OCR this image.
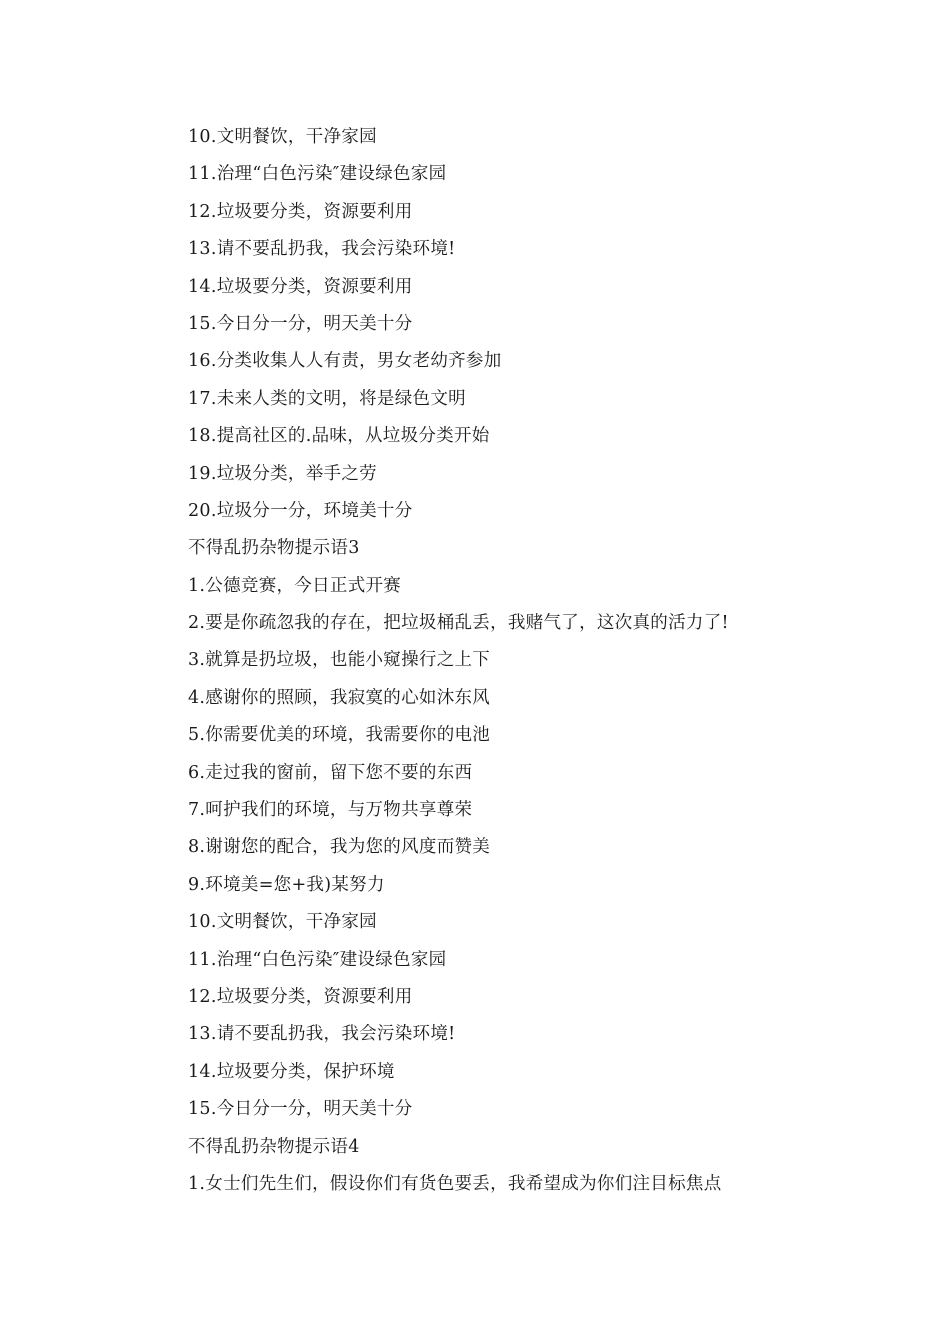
10.文明餐饮，干净家园
11.治理“白色污染″建设绿色家园
12.垃圾要分类，资源要利用
13.请不要乱扔我，我会污染环境!
14.垃圾要分类，资源要利用
15.今日分一分，明天美十分
16.分类收集人人有责，男女老幼齐参加
17.未来人类的文明，将是绿色文明
18.提高社区的.品味，从垃圾分类开始
19.垃圾分类，举手之劳
20.垃圾分一分，环境美十分
不得乱扔杂物提示语3
1.公德竞赛，今日正式开赛
2.要是你疏忽我的存在，把垃圾桶乱丢，我赌气了，这次真的活力了!
3.就算是扔垃圾，也能小窥操行之上下
4.感谢你的照顾，我寂寞的心如沐东风
5.你需要优美的环境，我需要你的电池
6.走过我的窗前，留下您不要的东西
7.呵护我们的环境，与万物共享尊荣
8.谢谢您的配合，我为您的风度而赞美
9.环境美=您+我)某努力
10.文明餐饮，干净家园
11.治理“白色污染″建设绿色家园
12.垃圾要分类，资源要利用
13.请不要乱扔我，我会污染环境!
14.垃圾要分类，保护环境
15.今日分一分，明天美十分
不得乱扔杂物提示语4
1.女士们先生们，假设你们有货色要丢，我希望成为你们注目标焦点
